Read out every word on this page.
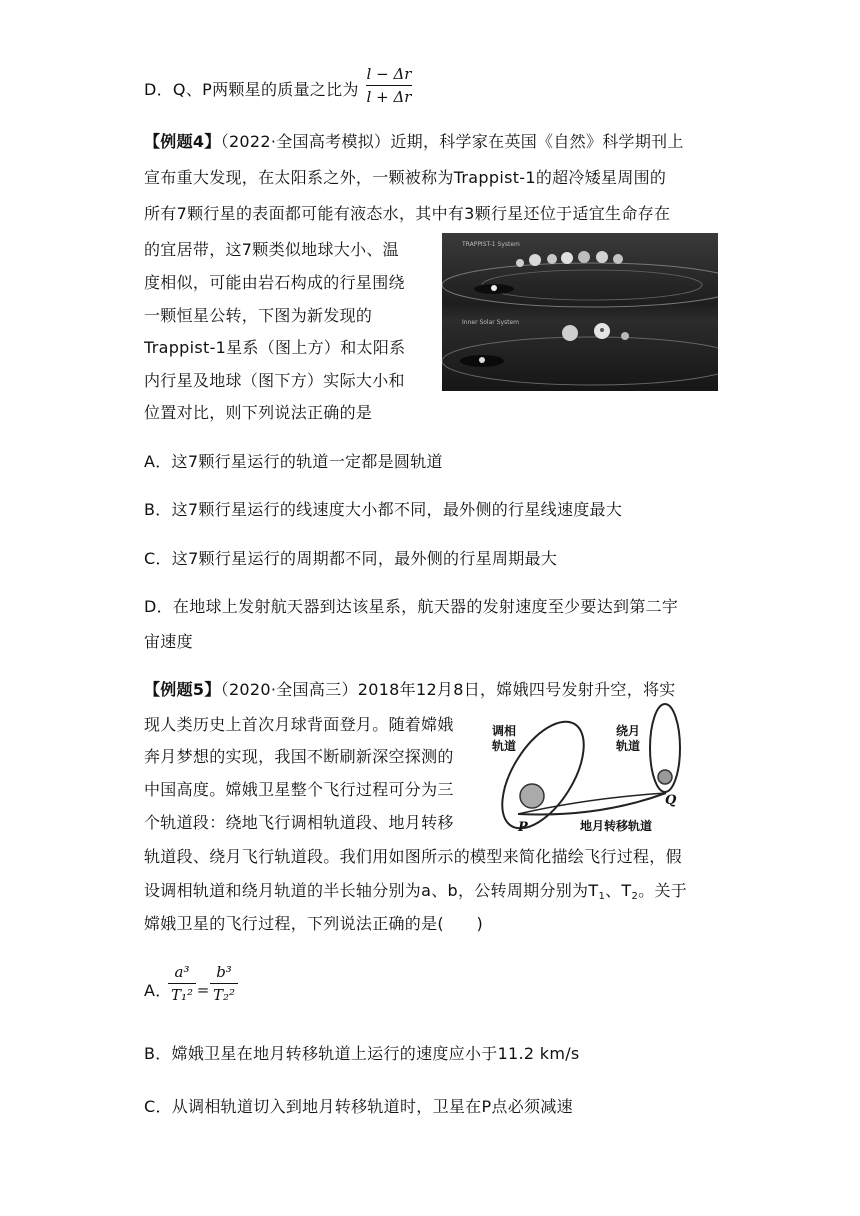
D．Q、P两颗星的质量之比为
l − Δr
l + Δr
【例题4】（2022·全国高考模拟）近期，科学家在英国《自然》科学期刊上
宣布重大发现，在太阳系之外，一颗被称为Trappist-1的超冷矮星周围的
所有7颗行星的表面都可能有液态水，其中有3颗行星还位于适宜生命存在
的宜居带，这7颗类似地球大小、温
度相似，可能由岩石构成的行星围绕
一颗恒星公转，下图为新发现的
Trappist-1星系（图上方）和太阳系
内行星及地球（图下方）实际大小和
位置对比，则下列说法正确的是
TRAPPIST-1 System
Inner Solar System
A．这7颗行星运行的轨道一定都是圆轨道
B．这7颗行星运行的线速度大小都不同，最外侧的行星线速度最大
C．这7颗行星运行的周期都不同，最外侧的行星周期最大
D．在地球上发射航天器到达该星系，航天器的发射速度至少要达到第二宇
宙速度
【例题5】（2020·全国高三）2018年12月8日，嫦娥四号发射升空，将实
现人类历史上首次月球背面登月。随着嫦娥
奔月梦想的实现，我国不断刷新深空探测的
中国高度。嫦娥卫星整个飞行过程可分为三
个轨道段：绕地飞行调相轨道段、地月转移
轨道段、绕月飞行轨道段。我们用如图所示的模型来简化描绘飞行过程，假
设调相轨道和绕月轨道的半长轴分别为a、b，公转周期分别为$T_1$、$T_2$。关于
嫦娥卫星的飞行过程，下列说法正确的是(　　)
调相
轨道
绕月
轨道
地月转移轨道
P
Q
A．
a³
T₁² =
b³
T₂²
B．嫦娥卫星在地月转移轨道上运行的速度应小于11.2 km/s
C．从调相轨道切入到地月转移轨道时，卫星在P点必须减速
